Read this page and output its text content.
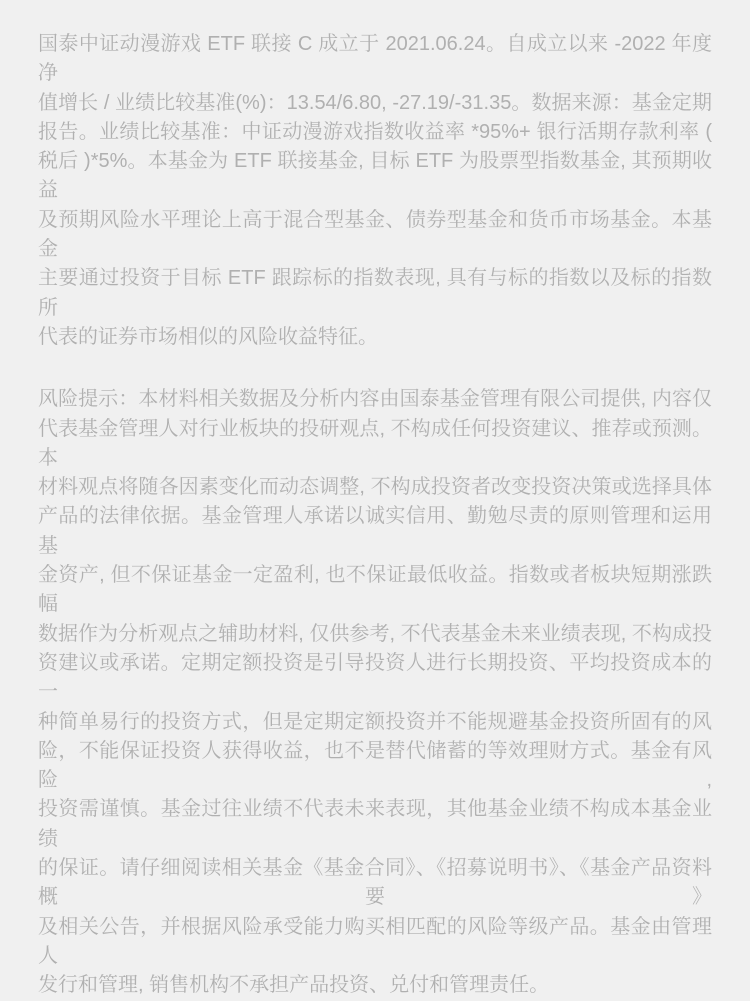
国泰中证动漫游戏 ETF 联接 C 成立于 2021.06.24。自成立以来 -2022 年度净
值增长 / 业绩比较基准(%)：13.54/6.80, -27.19/-31.35。数据来源：基金定期
报告。业绩比较基准：中证动漫游戏指数收益率 *95%+ 银行活期存款利率 (
税后 )*5%。本基金为 ETF 联接基金, 目标 ETF 为股票型指数基金, 其预期收益
及预期风险水平理论上高于混合型基金、债券型基金和货币市场基金。本基金
主要通过投资于目标 ETF 跟踪标的指数表现, 具有与标的指数以及标的指数所
代表的证券市场相似的风险收益特征。
风险提示：本材料相关数据及分析内容由国泰基金管理有限公司提供, 内容仅
代表基金管理人对行业板块的投研观点, 不构成任何投资建议、推荐或预测。本
材料观点将随各因素变化而动态调整, 不构成投资者改变投资决策或选择具体
产品的法律依据。基金管理人承诺以诚实信用、勤勉尽责的原则管理和运用基
金资产, 但不保证基金一定盈利, 也不保证最低收益。指数或者板块短期涨跌幅
数据作为分析观点之辅助材料, 仅供参考, 不代表基金未来业绩表现, 不构成投
资建议或承诺。定期定额投资是引导投资人进行长期投资、平均投资成本的一
种简单易行的投资方式，但是定期定额投资并不能规避基金投资所固有的风
险，不能保证投资人获得收益，也不是替代储蓄的等效理财方式。基金有风险,
投资需谨慎。基金过往业绩不代表未来表现，其他基金业绩不构成本基金业绩
的保证。请仔细阅读相关基金《基金合同》、《招募说明书》、《基金产品资料概要》
及相关公告，并根据风险承受能力购买相匹配的风险等级产品。基金由管理人
发行和管理, 销售机构不承担产品投资、兑付和管理责任。
